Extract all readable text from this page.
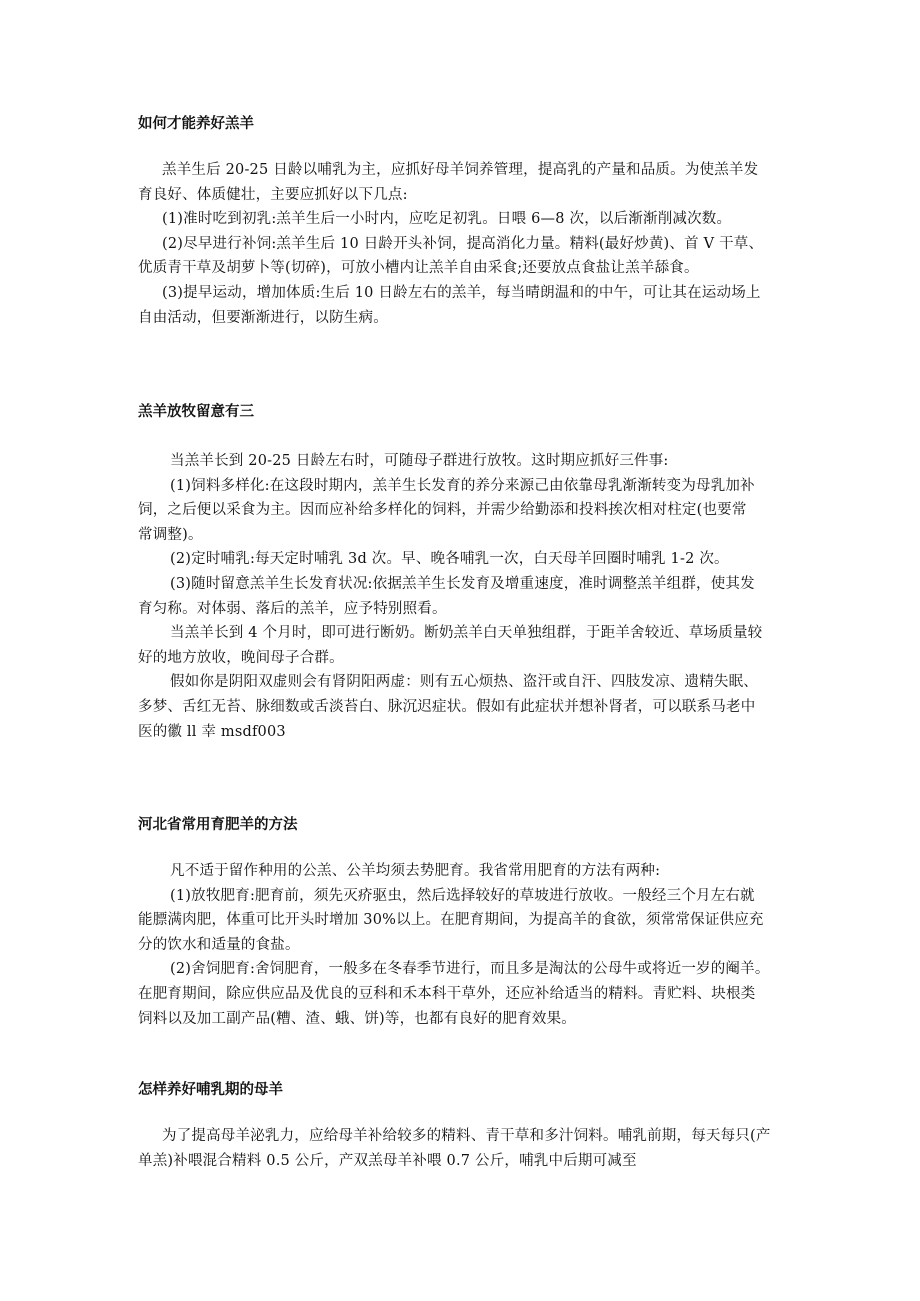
如何才能养好羔羊
羔羊生后 20-25 日龄以哺乳为主，应抓好母羊饲养管理，提高乳的产量和品质。为使羔羊发
育良好、体质健壮，主要应抓好以下几点:
(1)准时吃到初乳:羔羊生后一小时内，应吃足初乳。日喂 6—8 次，以后渐渐削减次数。
(2)尽早进行补饲:羔羊生后 10 日龄开头补饲，提高消化力量。精料(最好炒黄)、首 V 干草、
优质青干草及胡萝卜等(切碎)，可放小槽内让羔羊自由采食;还要放点食盐让羔羊舔食。
(3)提早运动，增加体质:生后 10 日龄左右的羔羊，每当晴朗温和的中午，可让其在运动场上
自由活动，但要渐渐进行，以防生病。
羔羊放牧留意有三
当羔羊长到 20-25 日龄左右时，可随母子群进行放牧。这时期应抓好三件事:
(1)饲料多样化:在这段时期内，羔羊生长发育的养分来源己由依靠母乳渐渐转变为母乳加补
饲，之后便以采食为主。因而应补给多样化的饲料，并需少给勤添和投料挨次相对柱定(也要常
常调整)。
(2)定时哺乳:每天定时哺乳 3d 次。早、晚各哺乳一次，白天母羊回圈时哺乳 1-2 次。
(3)随时留意羔羊生长发育状况:依据羔羊生长发育及增重速度，准时调整羔羊组群，使其发
育匀称。对体弱、落后的羔羊，应予特别照看。
当羔羊长到 4 个月时，即可进行断奶。断奶羔羊白天单独组群，于距羊舍较近、草场质量较
好的地方放收，晚间母子合群。
假如你是阴阳双虚则会有肾阴阳两虚：则有五心烦热、盗汗或自汗、四肢发凉、遗精失眠、
多梦、舌红无苔、脉细数或舌淡苔白、脉沉迟症状。假如有此症状并想补肾者，可以联系马老中
医的徽 ll 幸 msdf003
河北省常用育肥羊的方法
凡不适于留作种用的公羔、公羊均须去势肥育。我省常用肥育的方法有两种:
(1)放牧肥育:肥育前，须先灭疥驱虫，然后选择较好的草坡进行放收。一般经三个月左右就
能膘满肉肥，体重可比开头时增加 30%以上。在肥育期间，为提高羊的食欲，须常常保证供应充
分的饮水和适量的食盐。
(2)舍饲肥育:舍饲肥育，一般多在冬春季节进行，而且多是淘汰的公母牛或将近一岁的阉羊。
在肥育期间，除应供应品及优良的豆科和禾本科干草外，还应补给适当的精料。青贮料、块根类
饲料以及加工副产品(糟、渣、蛾、饼)等，也都有良好的肥育效果。
怎样养好哺乳期的母羊
为了提高母羊泌乳力，应给母羊补给较多的精料、青干草和多汁饲料。哺乳前期，每天每只(产
单羔)补喂混合精料 0.5 公斤，产双羔母羊补喂 0.7 公斤，哺乳中后期可减至
